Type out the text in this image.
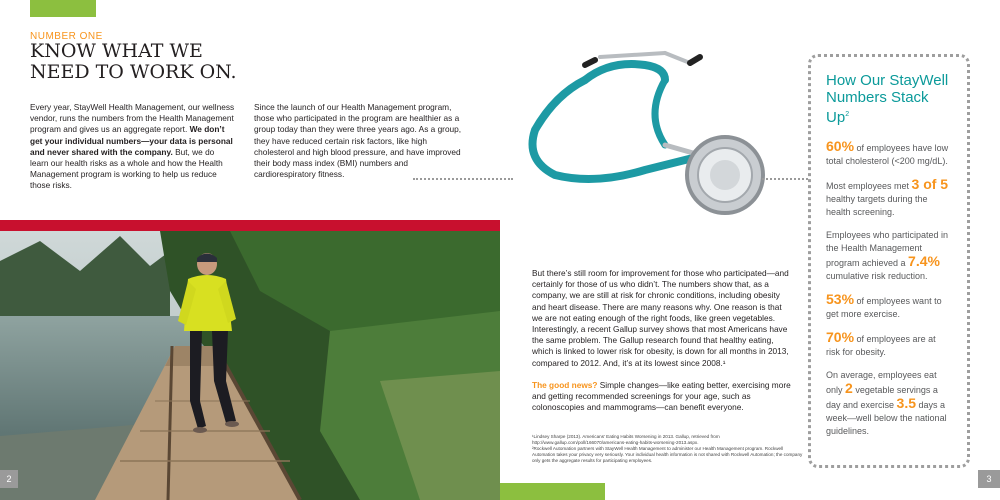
NUMBER ONE
KNOW WHAT WE
NEED TO WORK ON.
Every year, StayWell Health Management, our wellness vendor, runs the numbers from the Health Management program and gives us an aggregate report. We don’t get your individual numbers—your data is personal and never shared with the company. But, we do learn our health risks as a whole and how the Health Management program is working to help us reduce those risks.
Since the launch of our Health Management program, those who participated in the program are healthier as a group today than they were three years ago. As a group, they have reduced certain risk factors, like high cholesterol and high blood pressure, and have improved their body mass index (BMI) numbers and cardiorespiratory fitness.
2
But there’s still room for improvement for those who participated—and certainly for those of us who didn’t. The numbers show that, as a company, we are still at risk for chronic conditions, including obesity and heart disease. There are many reasons why. One reason is that we are not eating enough of the right foods, like green vegetables. Interestingly, a recent Gallup survey shows that most Americans have the same problem. The Gallup research found that healthy eating, which is linked to lower risk for obesity, is down for all months in 2013, compared to 2012. And, it’s at its lowest since 2008.¹
The good news? Simple changes—like eating better, exercising more and getting recommended screenings for your age, such as colonoscopies and mammograms—can benefit everyone.
¹Lindsey Sharpe (2013). Americans’ Eating Habits Worsening in 2013. Gallup, retrieved from http://www.gallup.com/poll/166070/americans-eating-habits-worsening-2013.aspx.
²Rockwell Automation partners with StayWell Health Management to administer our Health Management program. Rockwell Automation takes your privacy very seriously. Your individual health information is not shared with Rockwell Automation; the company only gets the aggregate results for participating employees.
How Our StayWell
Numbers Stack Up$^2$
60% of employees have low total cholesterol (<200 mg/dL).
Most employees met 3 of 5 healthy targets during the health screening.
Employees who participated in the Health Management program achieved a 7.4% cumulative risk reduction.
53% of employees want to get more exercise.
70% of employees are at risk for obesity.
On average, employees eat only 2 vegetable servings a day and exercise 3.5 days a week—well below the national guidelines.
3
